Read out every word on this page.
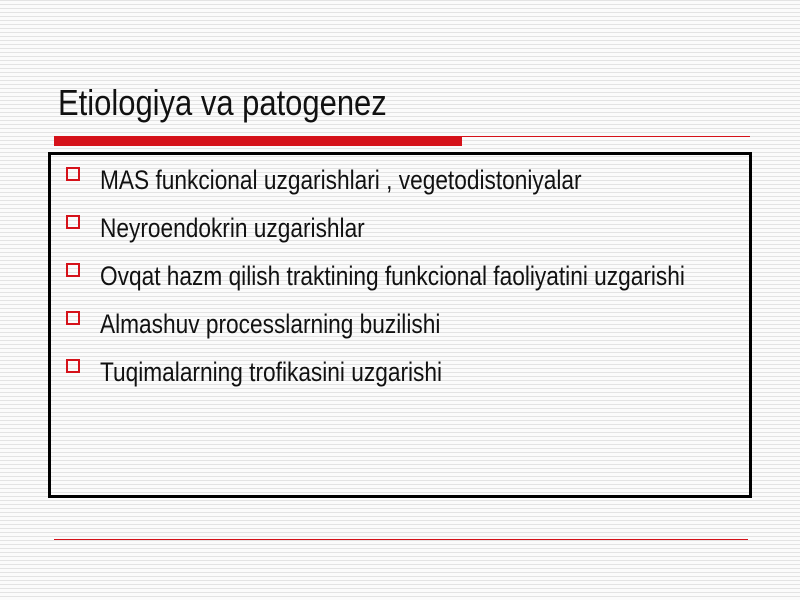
Etiologiya va patogenez
MAS funkcional uzgarishlari , vegetodistoniyalar
Neyroendokrin uzgarishlar
Ovqat hazm qilish traktining funkcional faoliyatini uzgarishi
Almashuv processlarning buzilishi
Tuqimalarning trofikasini uzgarishi
